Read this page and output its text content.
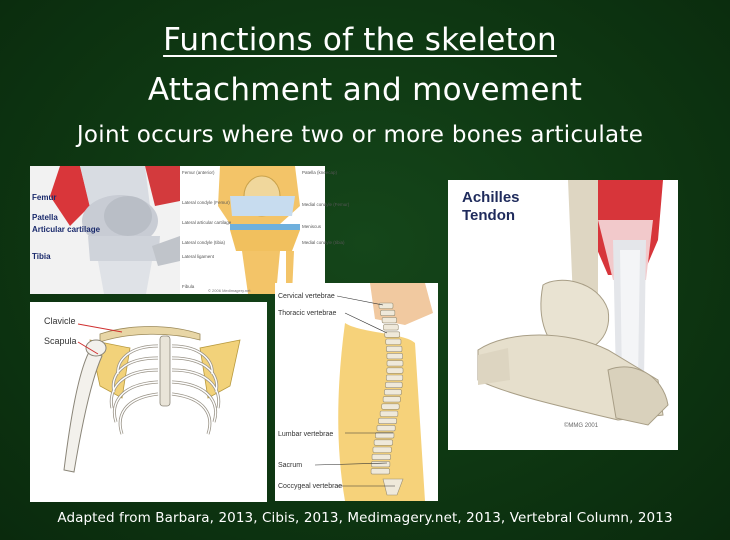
Functions of the skeleton
Attachment and movement
Joint occurs where two or more bones articulate
Femur
Patella
Articular cartilage
Tibia
Femur (anterior)
Lateral condyle (Femur)
Lateral articular cartilage
Lateral condyle (tibia)
Lateral ligament
Fibula
Patella (kneecap)
Medial condyle (Femur)
Meniscus
Medial condyle (tibia)
© 2006 Medimagery.net
Clavicle
Scapula
Cervical vertebrae
Thoracic vertebrae
Lumbar vertebrae
Sacrum
Coccygeal vertebrae
Achilles
Tendon
©MMG 2001
Adapted from Barbara, 2013, Cibis, 2013, Medimagery.net, 2013, Vertebral Column, 2013
